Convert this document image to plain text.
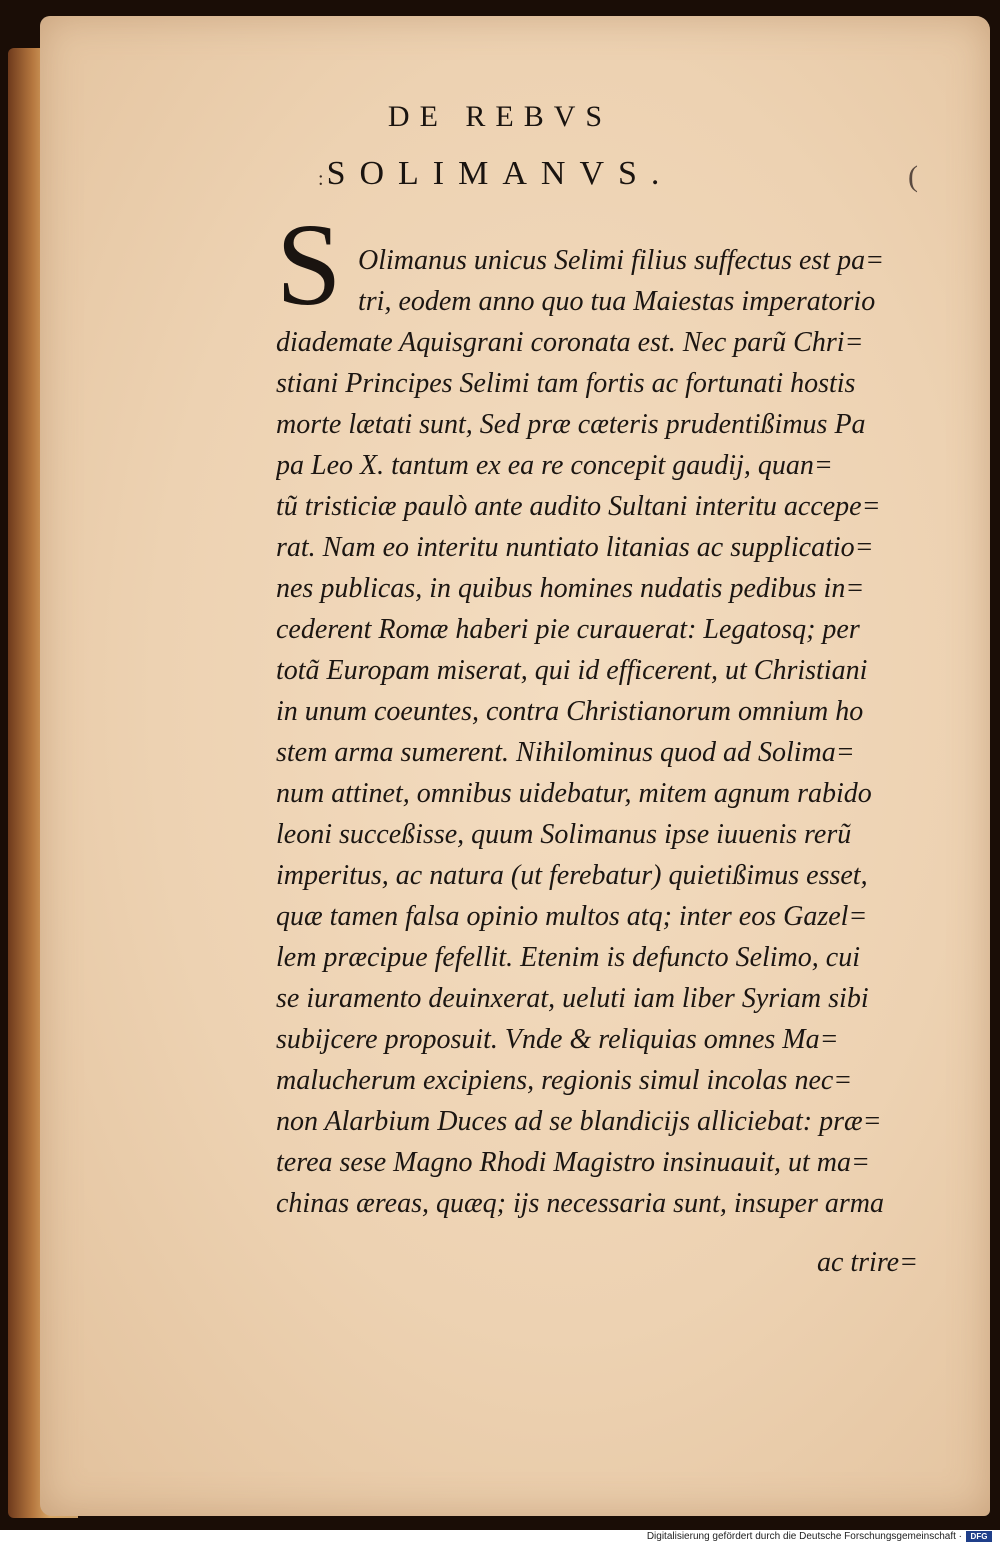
DE REBVS
: SOLIMANVS.	(
S Olimanus unicus Selimi filius suffectus est pa=
tri, eodem anno quo tua Maiestas imperatorio
diademate Aquisgrani coronata est. Nec parũ Chri=
stiani Principes Selimi tam fortis ac fortunati hostis
morte lætati sunt, Sed præ cæteris prudentißimus Pa
pa Leo X. tantum ex ea re concepit gaudij, quan=
tũ tristiciæ paulò ante audito Sultani interitu accepe=
rat. Nam eo interitu nuntiato litanias ac supplicatio=
nes publicas, in quibus homines nudatis pedibus in=
cederent Romæ haberi pie curauerat: Legatosq; per
totã Europam miserat, qui id efficerent, ut Christiani
in unum coeuntes, contra Christianorum omnium ho
stem arma sumerent. Nihilominus quod ad Solima=
num attinet, omnibus uidebatur, mitem agnum rabido
leoni succeßisse, quum Solimanus ipse iuuenis rerũ
imperitus, ac natura (ut ferebatur) quietißimus esset,
quæ tamen falsa opinio multos atq; inter eos Gazel=
lem præcipue fefellit. Etenim is defuncto Selimo, cui
se iuramento deuinxerat, ueluti iam liber Syriam sibi
subijcere proposuit. Vnde & reliquias omnes Ma=
malucherum excipiens, regionis simul incolas nec=
non Alarbium Duces ad se blandicijs alliciebat: præ=
terea sese Magno Rhodi Magistro insinuauit, ut ma=
chinas æreas, quæq; ijs necessaria sunt, insuper arma
ac trire=
Digitalisierung gefördert durch die Deutsche Forschungsgemeinschaft ·	DFG
